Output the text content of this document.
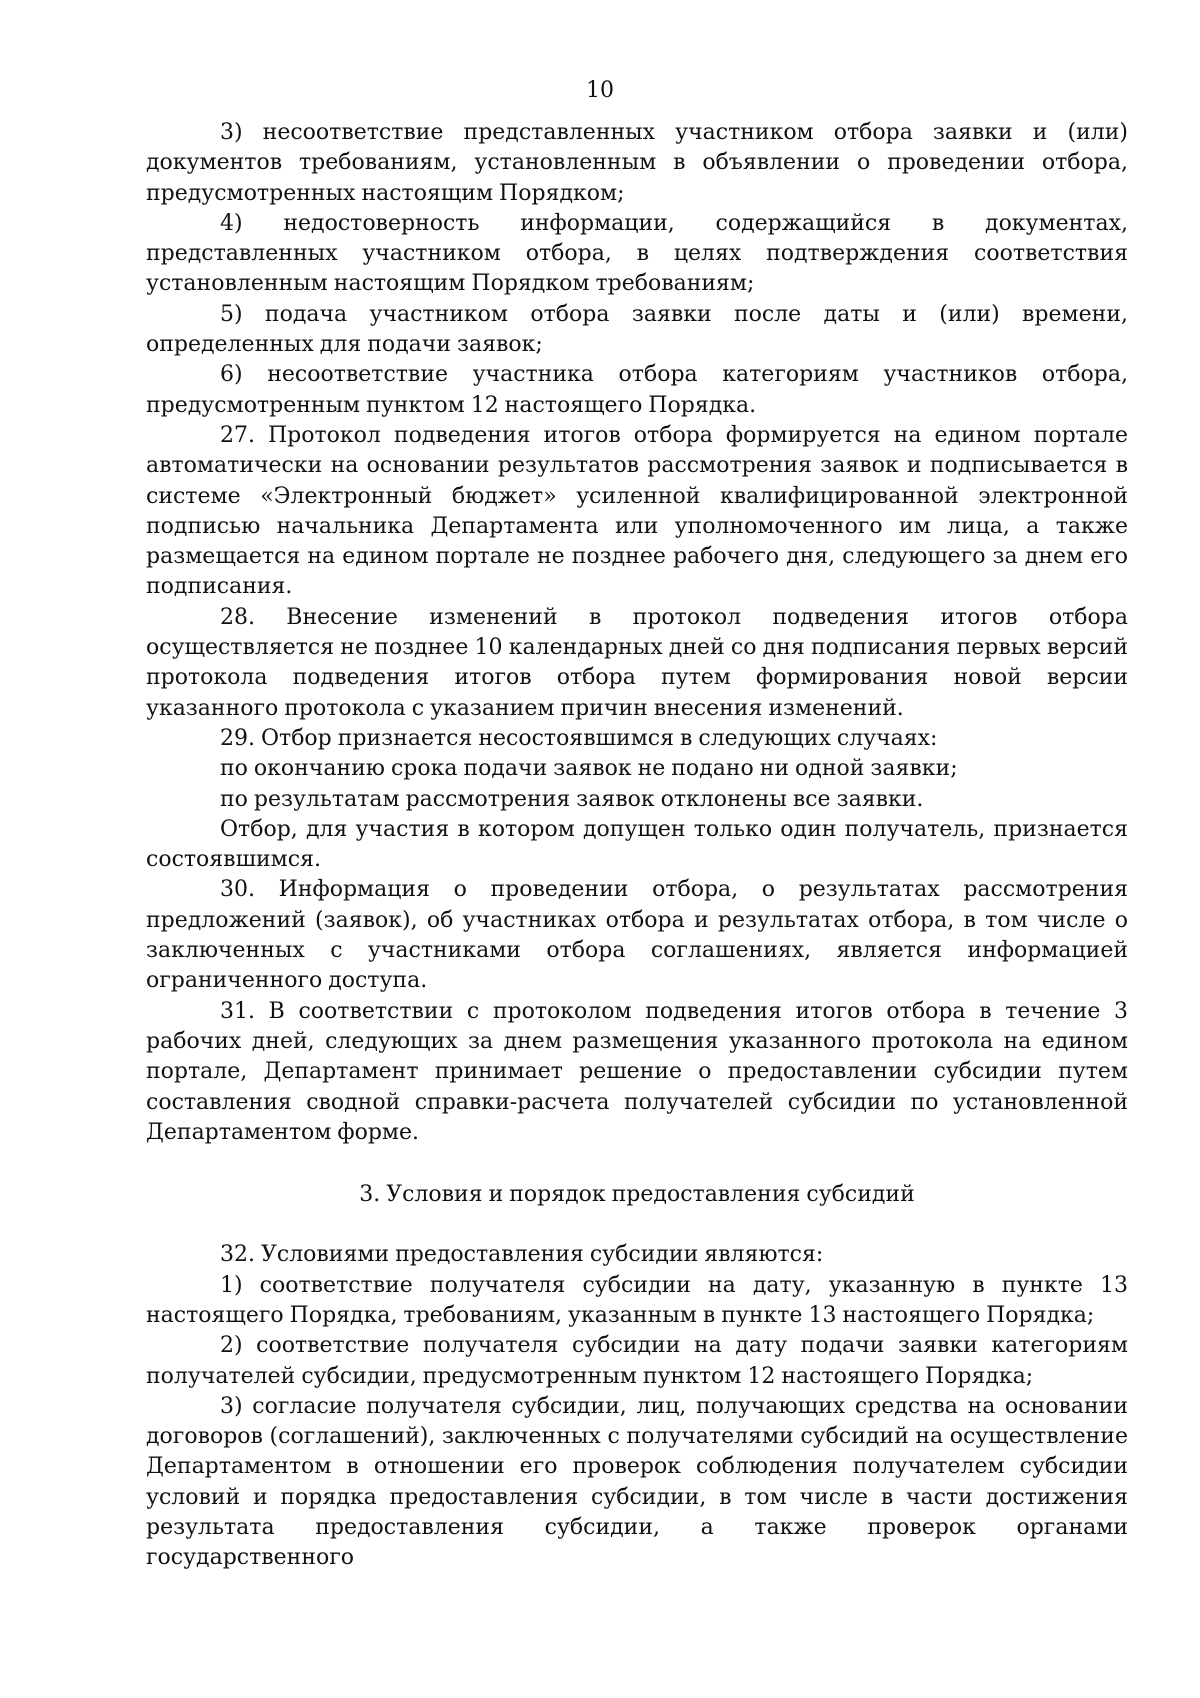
10

3) несоответствие представленных участником отбора заявки и (или) документов требованиям, установленным в объявлении о проведении отбора, предусмотренных настоящим Порядком;

4) недостоверность информации, содержащийся в документах, представленных участником отбора, в целях подтверждения соответствия установленным настоящим Порядком требованиям;

5) подача участником отбора заявки после даты и (или) времени, определенных для подачи заявок;

6) несоответствие участника отбора категориям участников отбора, предусмотренным пунктом 12 настоящего Порядка.

27. Протокол подведения итогов отбора формируется на едином портале автоматически на основании результатов рассмотрения заявок и подписывается в системе «Электронный бюджет» усиленной квалифицированной электронной подписью начальника Департамента или уполномоченного им лица, а также размещается на едином портале не позднее рабочего дня, следующего за днем его подписания.

28. Внесение изменений в протокол подведения итогов отбора осуществляется не позднее 10 календарных дней со дня подписания первых версий протокола подведения итогов отбора путем формирования новой версии указанного протокола с указанием причин внесения изменений.

29. Отбор признается несостоявшимся в следующих случаях:

по окончанию срока подачи заявок не подано ни одной заявки;

по результатам рассмотрения заявок отклонены все заявки.

Отбор, для участия в котором допущен только один получатель, признается состоявшимся.

30. Информация о проведении отбора, о результатах рассмотрения предложений (заявок), об участниках отбора и результатах отбора, в том числе о заключенных с участниками отбора соглашениях, является информацией ограниченного доступа.

31. В соответствии с протоколом подведения итогов отбора в течение 3 рабочих дней, следующих за днем размещения указанного протокола на едином портале, Департамент принимает решение о предоставлении субсидии путем составления сводной справки-расчета получателей субсидии по установленной Департаментом форме.

3. Условия и порядок предоставления субсидий

32. Условиями предоставления субсидии являются:

1) соответствие получателя субсидии на дату, указанную в пункте 13 настоящего Порядка, требованиям, указанным в пункте 13 настоящего Порядка;

2) соответствие получателя субсидии на дату подачи заявки категориям получателей субсидии, предусмотренным пунктом 12 настоящего Порядка;

3) согласие получателя субсидии, лиц, получающих средства на основании договоров (соглашений), заключенных с получателями субсидий на осуществление Департаментом в отношении его проверок соблюдения получателем субсидии условий и порядка предоставления субсидии, в том числе в части достижения результата предоставления субсидии, а также проверок органами государственного
